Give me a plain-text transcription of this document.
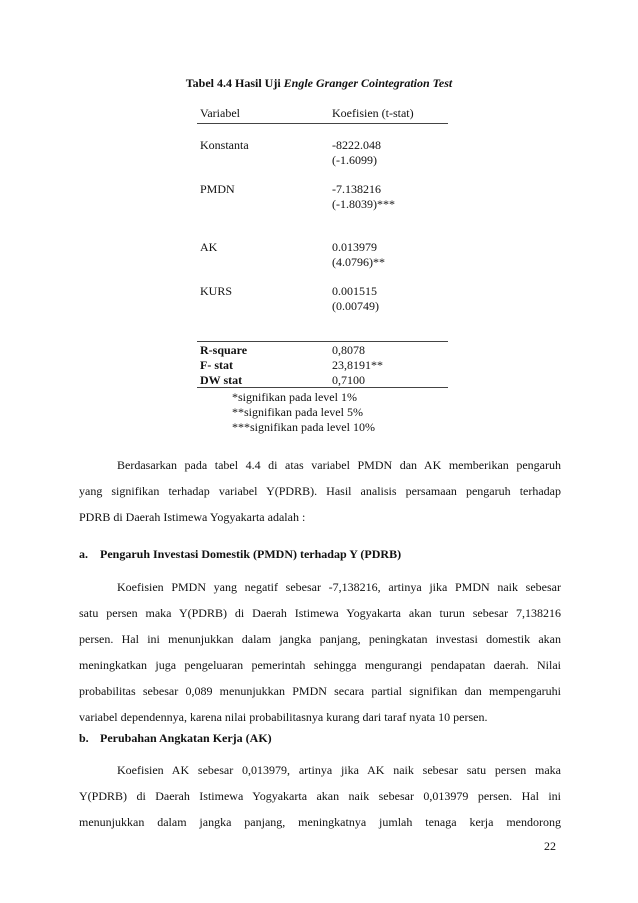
Tabel 4.4 Hasil Uji Engle Granger Cointegration Test
Variabel	Koefisien (t-stat)
Konstanta	-8222.048
(-1.6099)
PMDN	-7.138216
(-1.8039)***
AK	0.013979
(4.0796)**
KURS	0.001515
(0.00749)
R-square	0,8078
F- stat	23,8191**
DW stat	0,7100
*signifikan pada level 1%
**signifikan pada level 5%
***signifikan pada level 10%
Berdasarkan pada tabel 4.4 di atas variabel PMDN dan AK memberikan pengaruh
yang signifikan terhadap variabel Y(PDRB). Hasil analisis persamaan pengaruh terhadap
PDRB di Daerah Istimewa Yogyakarta adalah :
a. Pengaruh Investasi Domestik (PMDN) terhadap Y (PDRB)
Koefisien PMDN yang negatif sebesar -7,138216, artinya jika PMDN naik sebesar
satu persen maka Y(PDRB) di Daerah Istimewa Yogyakarta akan turun sebesar 7,138216
persen. Hal ini menunjukkan dalam jangka panjang, peningkatan investasi domestik akan
meningkatkan juga pengeluaran pemerintah sehingga mengurangi pendapatan daerah. Nilai
probabilitas sebesar 0,089 menunjukkan PMDN secara partial signifikan dan mempengaruhi
variabel dependennya, karena nilai probabilitasnya kurang dari taraf nyata 10 persen.
b. Perubahan Angkatan Kerja (AK)
Koefisien AK sebesar 0,013979, artinya jika AK naik sebesar satu persen maka
Y(PDRB) di Daerah Istimewa Yogyakarta akan naik sebesar 0,013979 persen. Hal ini
menunjukkan dalam jangka panjang, meningkatnya jumlah tenaga kerja mendorong
22
